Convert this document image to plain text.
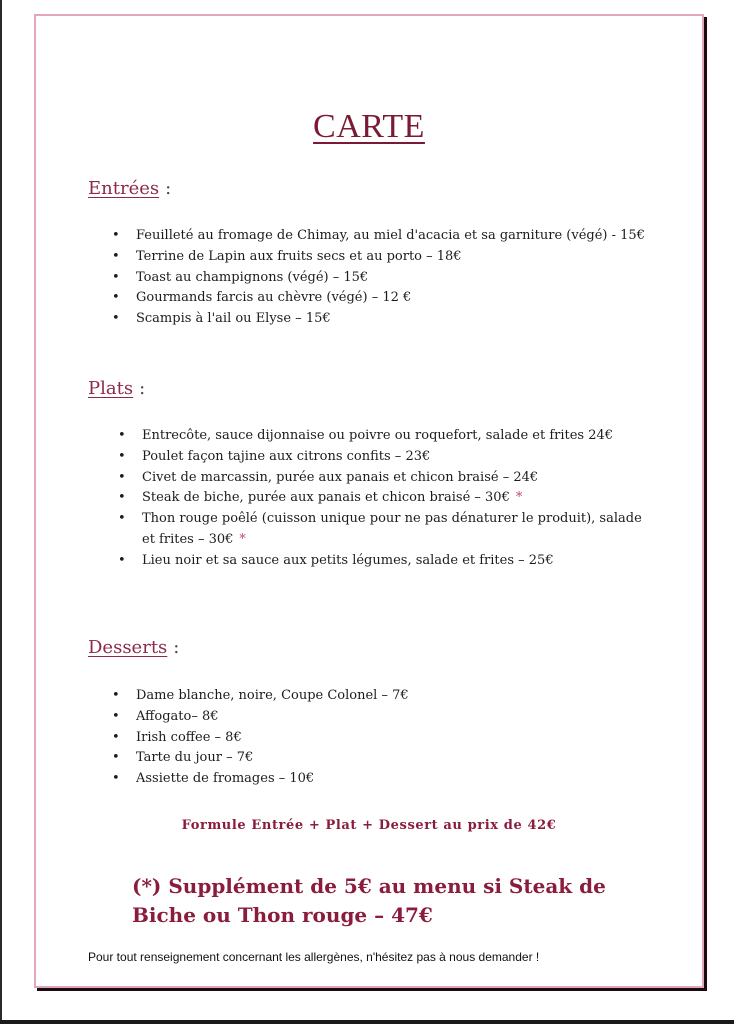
CARTE
Entrées :
• Feuilleté au fromage de Chimay, au miel d'acacia et sa garniture (végé) - 15€
• Terrine de Lapin aux fruits secs et au porto – 18€
• Toast au champignons (végé) – 15€
• Gourmands farcis au chèvre (végé) – 12 €
• Scampis à l'ail ou Elyse – 15€
Plats :
• Entrecôte, sauce dijonnaise ou poivre ou roquefort, salade et frites 24€
• Poulet façon tajine aux citrons confits – 23€
• Civet de marcassin, purée aux panais et chicon braisé – 24€
• Steak de biche, purée aux panais et chicon braisé – 30€ *
• Thon rouge poêlé (cuisson unique pour ne pas dénaturer le produit), salade et frites – 30€ *
• Lieu noir et sa sauce aux petits légumes, salade et frites – 25€
Desserts :
• Dame blanche, noire, Coupe Colonel – 7€
• Affogato– 8€
• Irish coffee – 8€
• Tarte du jour – 7€
• Assiette de fromages – 10€
Formule Entrée + Plat + Dessert au prix de 42€
(*) Supplément de 5€ au menu si Steak de Biche ou Thon rouge – 47€
Pour tout renseignement concernant les allergènes, n'hésitez pas à nous demander !
